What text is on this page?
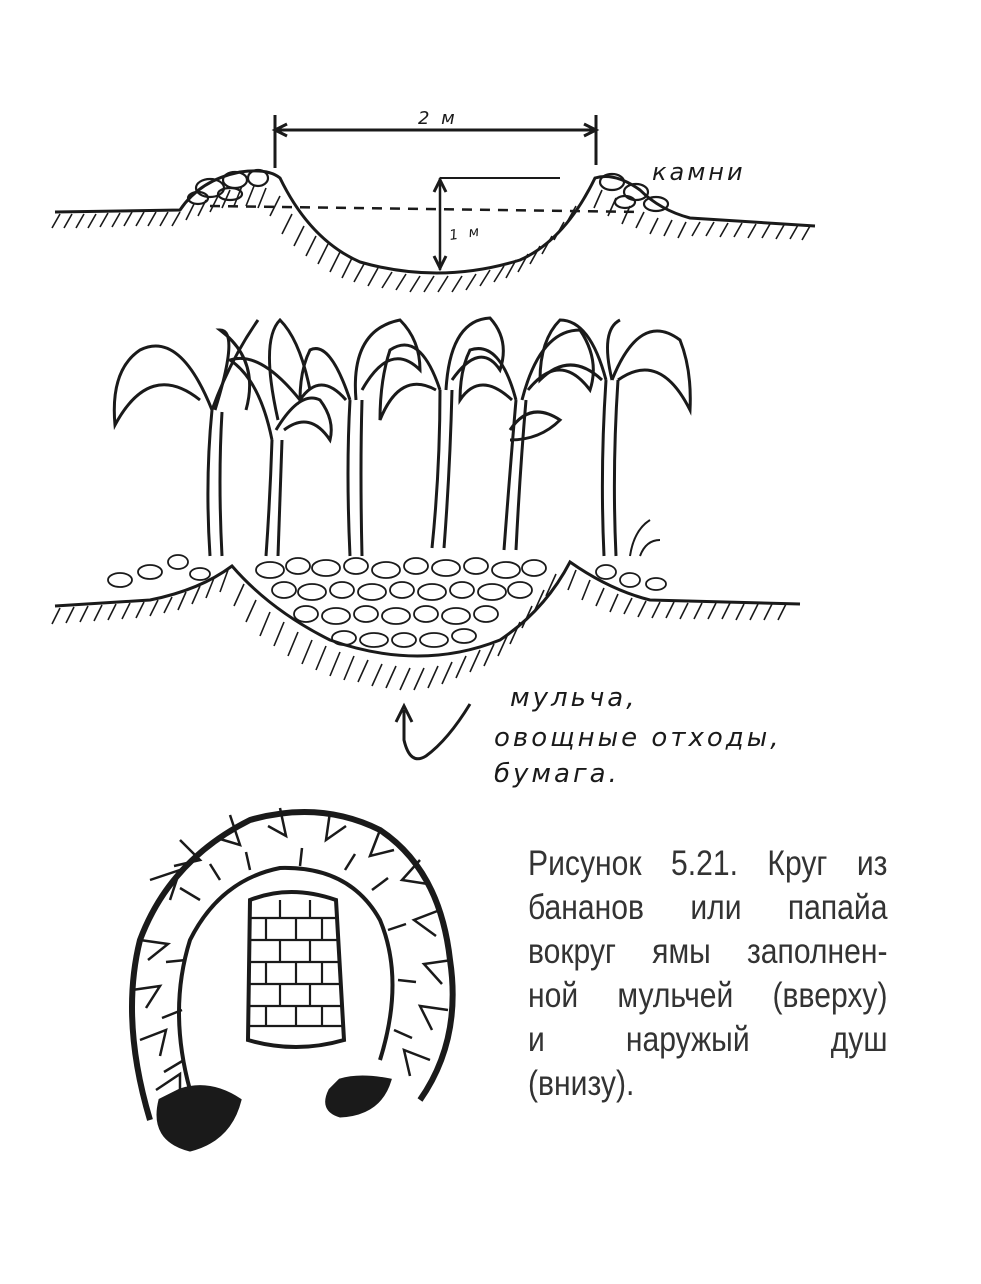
2 м
1 м
камни
мульча,
овощные отходы,
бумага.
Рисунок 5.21. Круг из
бананов или папайа
вокруг ямы заполнен-
ной мульчей (вверху)
и наружый душ
(внизу).
